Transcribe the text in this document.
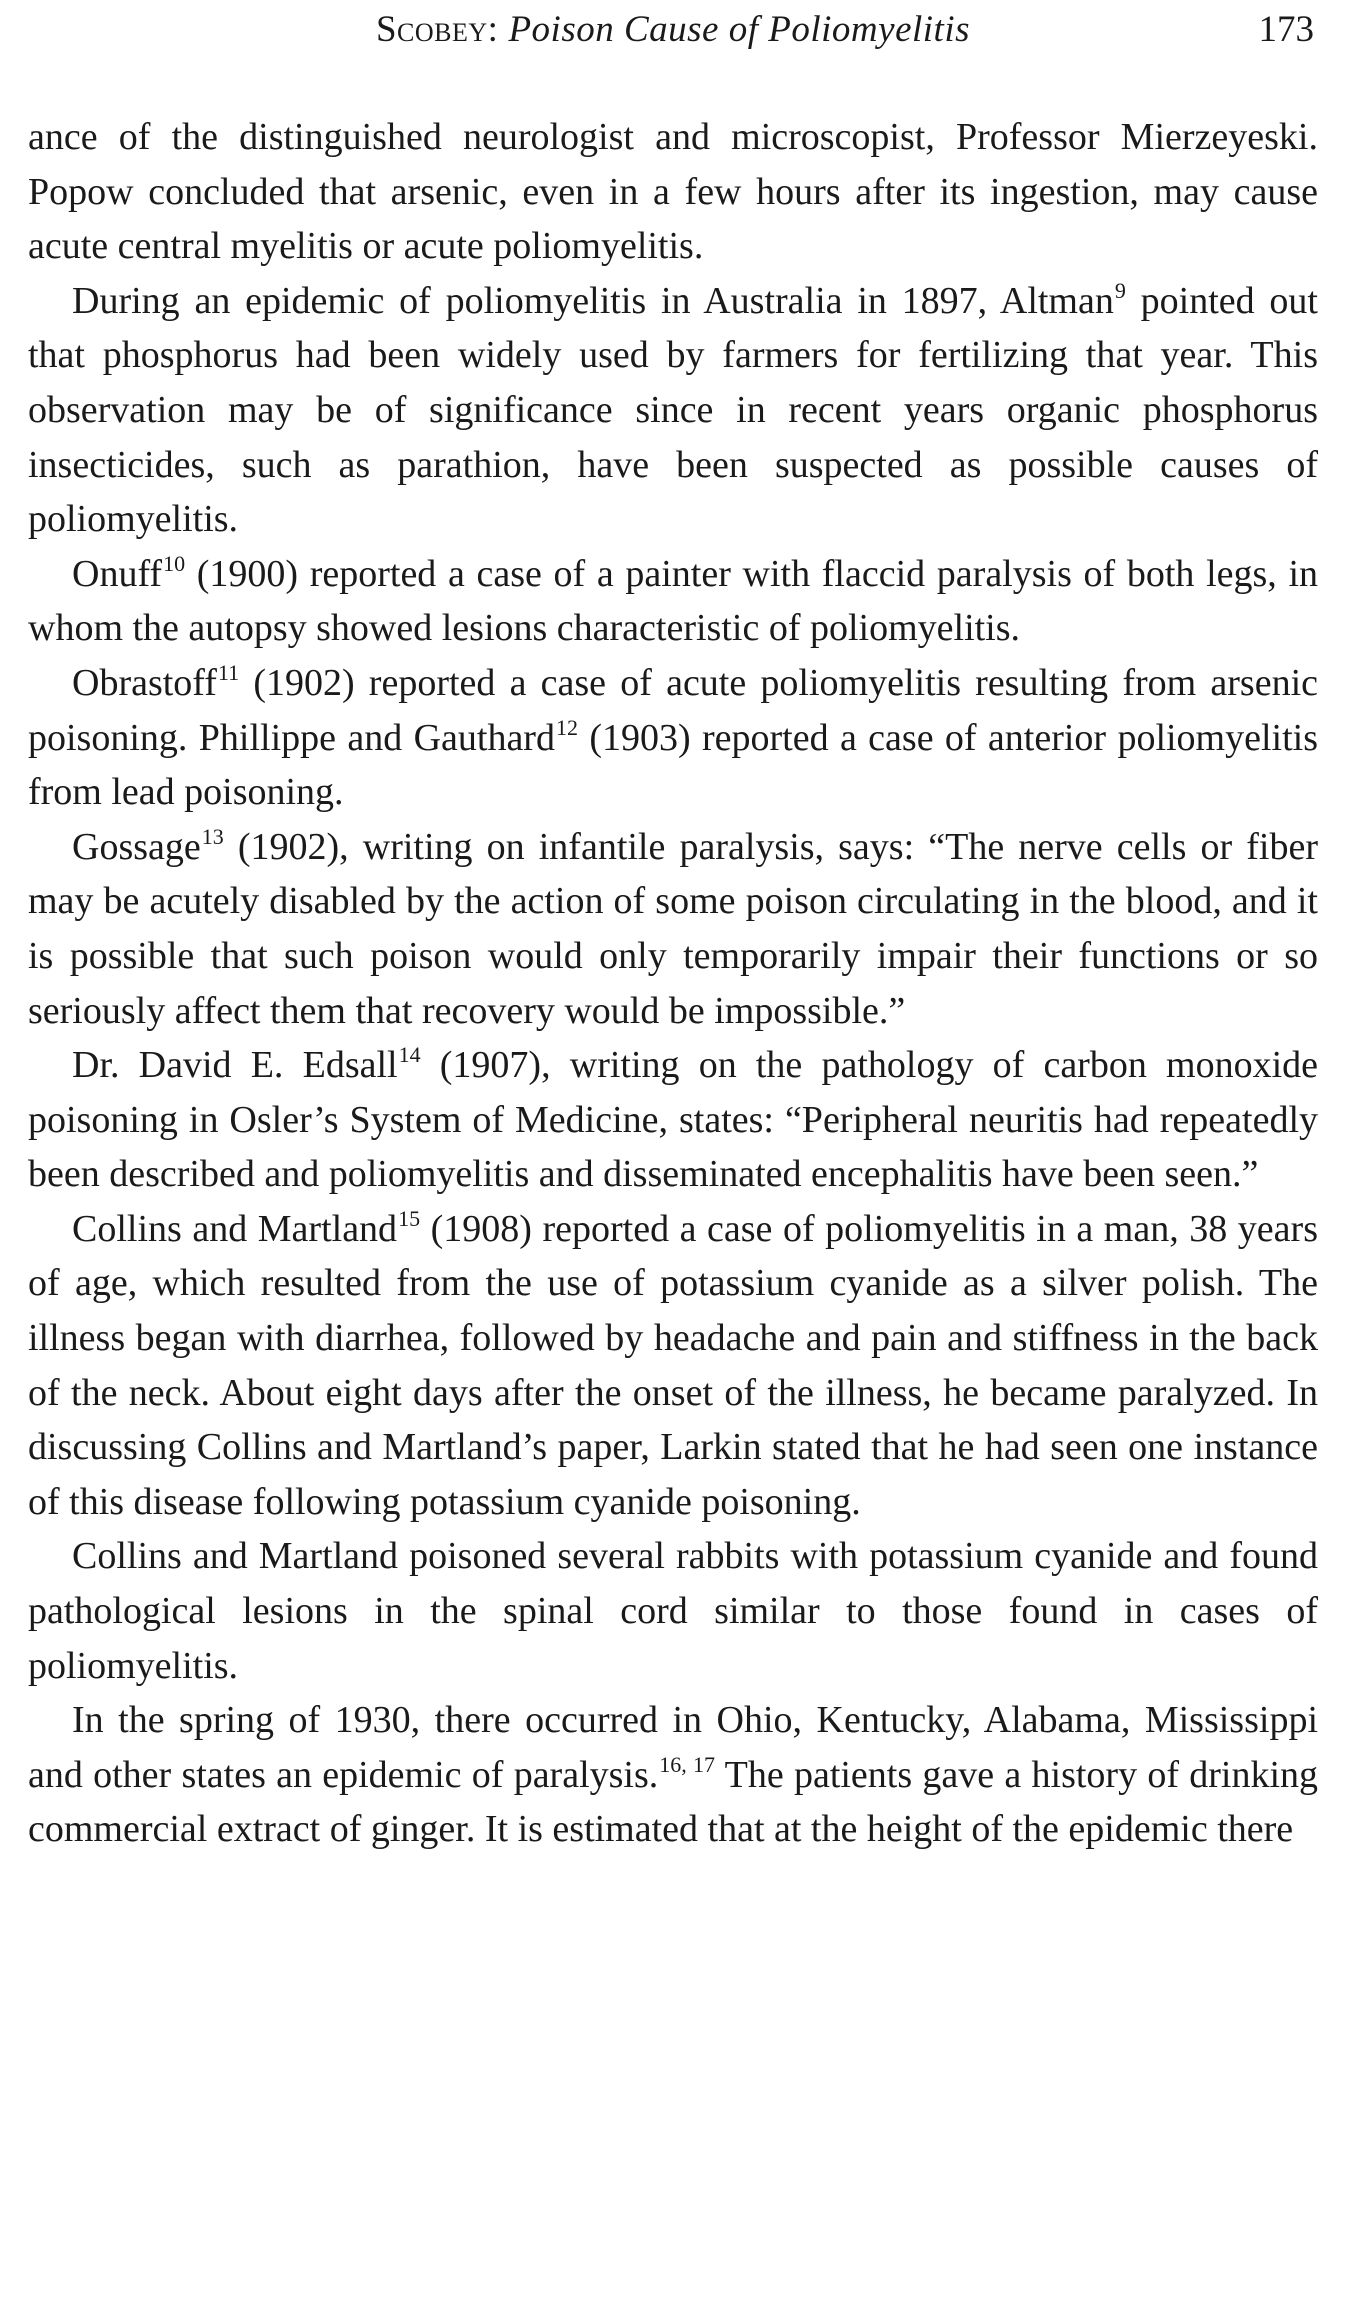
Scobey: Poison Cause of Poliomyelitis	173

ance of the distinguished neurologist and microscopist, Professor Mierzeyeski. Popow concluded that arsenic, even in a few hours after its ingestion, may cause acute central myelitis or acute poliomyelitis.

During an epidemic of poliomyelitis in Australia in 1897, Altman$^9$ pointed out that phosphorus had been widely used by farmers for fertilizing that year. This observation may be of significance since in recent years organic phosphorus insecticides, such as parathion, have been suspected as possible causes of poliomyelitis.

Onuff$^{10}$ (1900) reported a case of a painter with flaccid paralysis of both legs, in whom the autopsy showed lesions characteristic of poliomyelitis.

Obrastoff$^{11}$ (1902) reported a case of acute poliomyelitis resulting from arsenic poisoning. Phillippe and Gauthard$^{12}$ (1903) reported a case of anterior poliomyelitis from lead poisoning.

Gossage$^{13}$ (1902), writing on infantile paralysis, says: “The nerve cells or fiber may be acutely disabled by the action of some poison circulating in the blood, and it is possible that such poison would only temporarily impair their functions or so seriously affect them that recovery would be impossible.”

Dr. David E. Edsall$^{14}$ (1907), writing on the pathology of carbon monoxide poisoning in Osler’s System of Medicine, states: “Peripheral neuritis had repeatedly been described and poliomyelitis and disseminated encephalitis have been seen.”

Collins and Martland$^{15}$ (1908) reported a case of poliomyelitis in a man, 38 years of age, which resulted from the use of potassium cyanide as a silver polish. The illness began with diarrhea, followed by headache and pain and stiffness in the back of the neck. About eight days after the onset of the illness, he became paralyzed. In discussing Collins and Martland’s paper, Larkin stated that he had seen one instance of this disease following potassium cyanide poisoning.

Collins and Martland poisoned several rabbits with potassium cyanide and found pathological lesions in the spinal cord similar to those found in cases of poliomyelitis.

In the spring of 1930, there occurred in Ohio, Kentucky, Alabama, Mississippi and other states an epidemic of paralysis.$^{16, 17}$ The patients gave a history of drinking commercial extract of ginger. It is estimated that at the height of the epidemic there
